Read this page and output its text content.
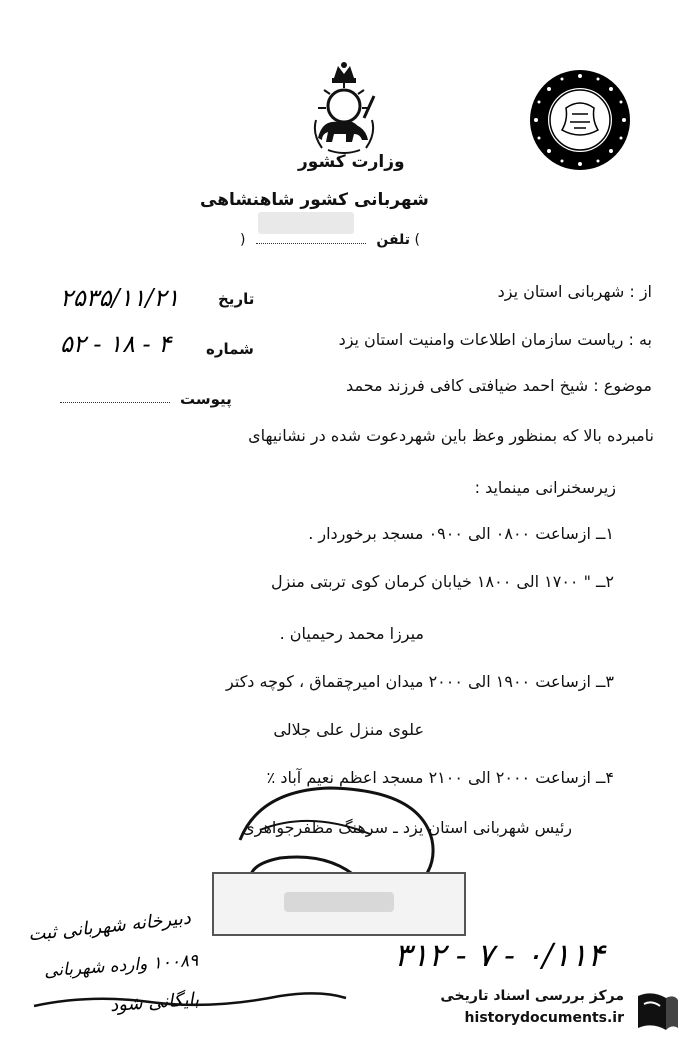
وزارت کشور
شهربانی کشور شاهنشاهی
)	تلفن (
۲۵۳۵/۱۱/۲۱	تاریخ
۵۲ - ۱۸ - ۴ شماره
پیوست
از : شهربانی استان یزد
به : ریاست سازمان اطلاعات وامنیت استان یزد
موضوع : شیخ احمد ضیافتی کافی فرزند محمد
نامبرده بالا که بمنظور وعظ باین شهردعوت شده در نشانیهای
زیرسخنرانی مینماید :
۱ــ ازساعت ۰۸۰۰ الی ۰۹۰۰ مسجد برخوردار .
۲ــ " ۱۷۰۰ الی ۱۸۰۰ خیابان کرمان کوی تربتی منزل
میرزا محمد رحیمیان .
۳ــ ازساعت ۱۹۰۰ الی ۲۰۰۰ میدان امیرچقماق ، کوچه دکتر
علوی منزل علی جلالی
۴ــ ازساعت ۲۰۰۰ الی ۲۱۰۰ مسجد اعظم نعیم آباد ٪
رئیس شهربانی استان یزد ـ سرهنگ مظفرجواهری
دبیرخانه شهربانی ثبت
۱۰۰۸۹ وارده شهربانی
بایگانی شود
۳۱۲ - ۷ - ۰/۱۱۴
مرکز بررسی اسناد تاریخی
historydocuments.ir
